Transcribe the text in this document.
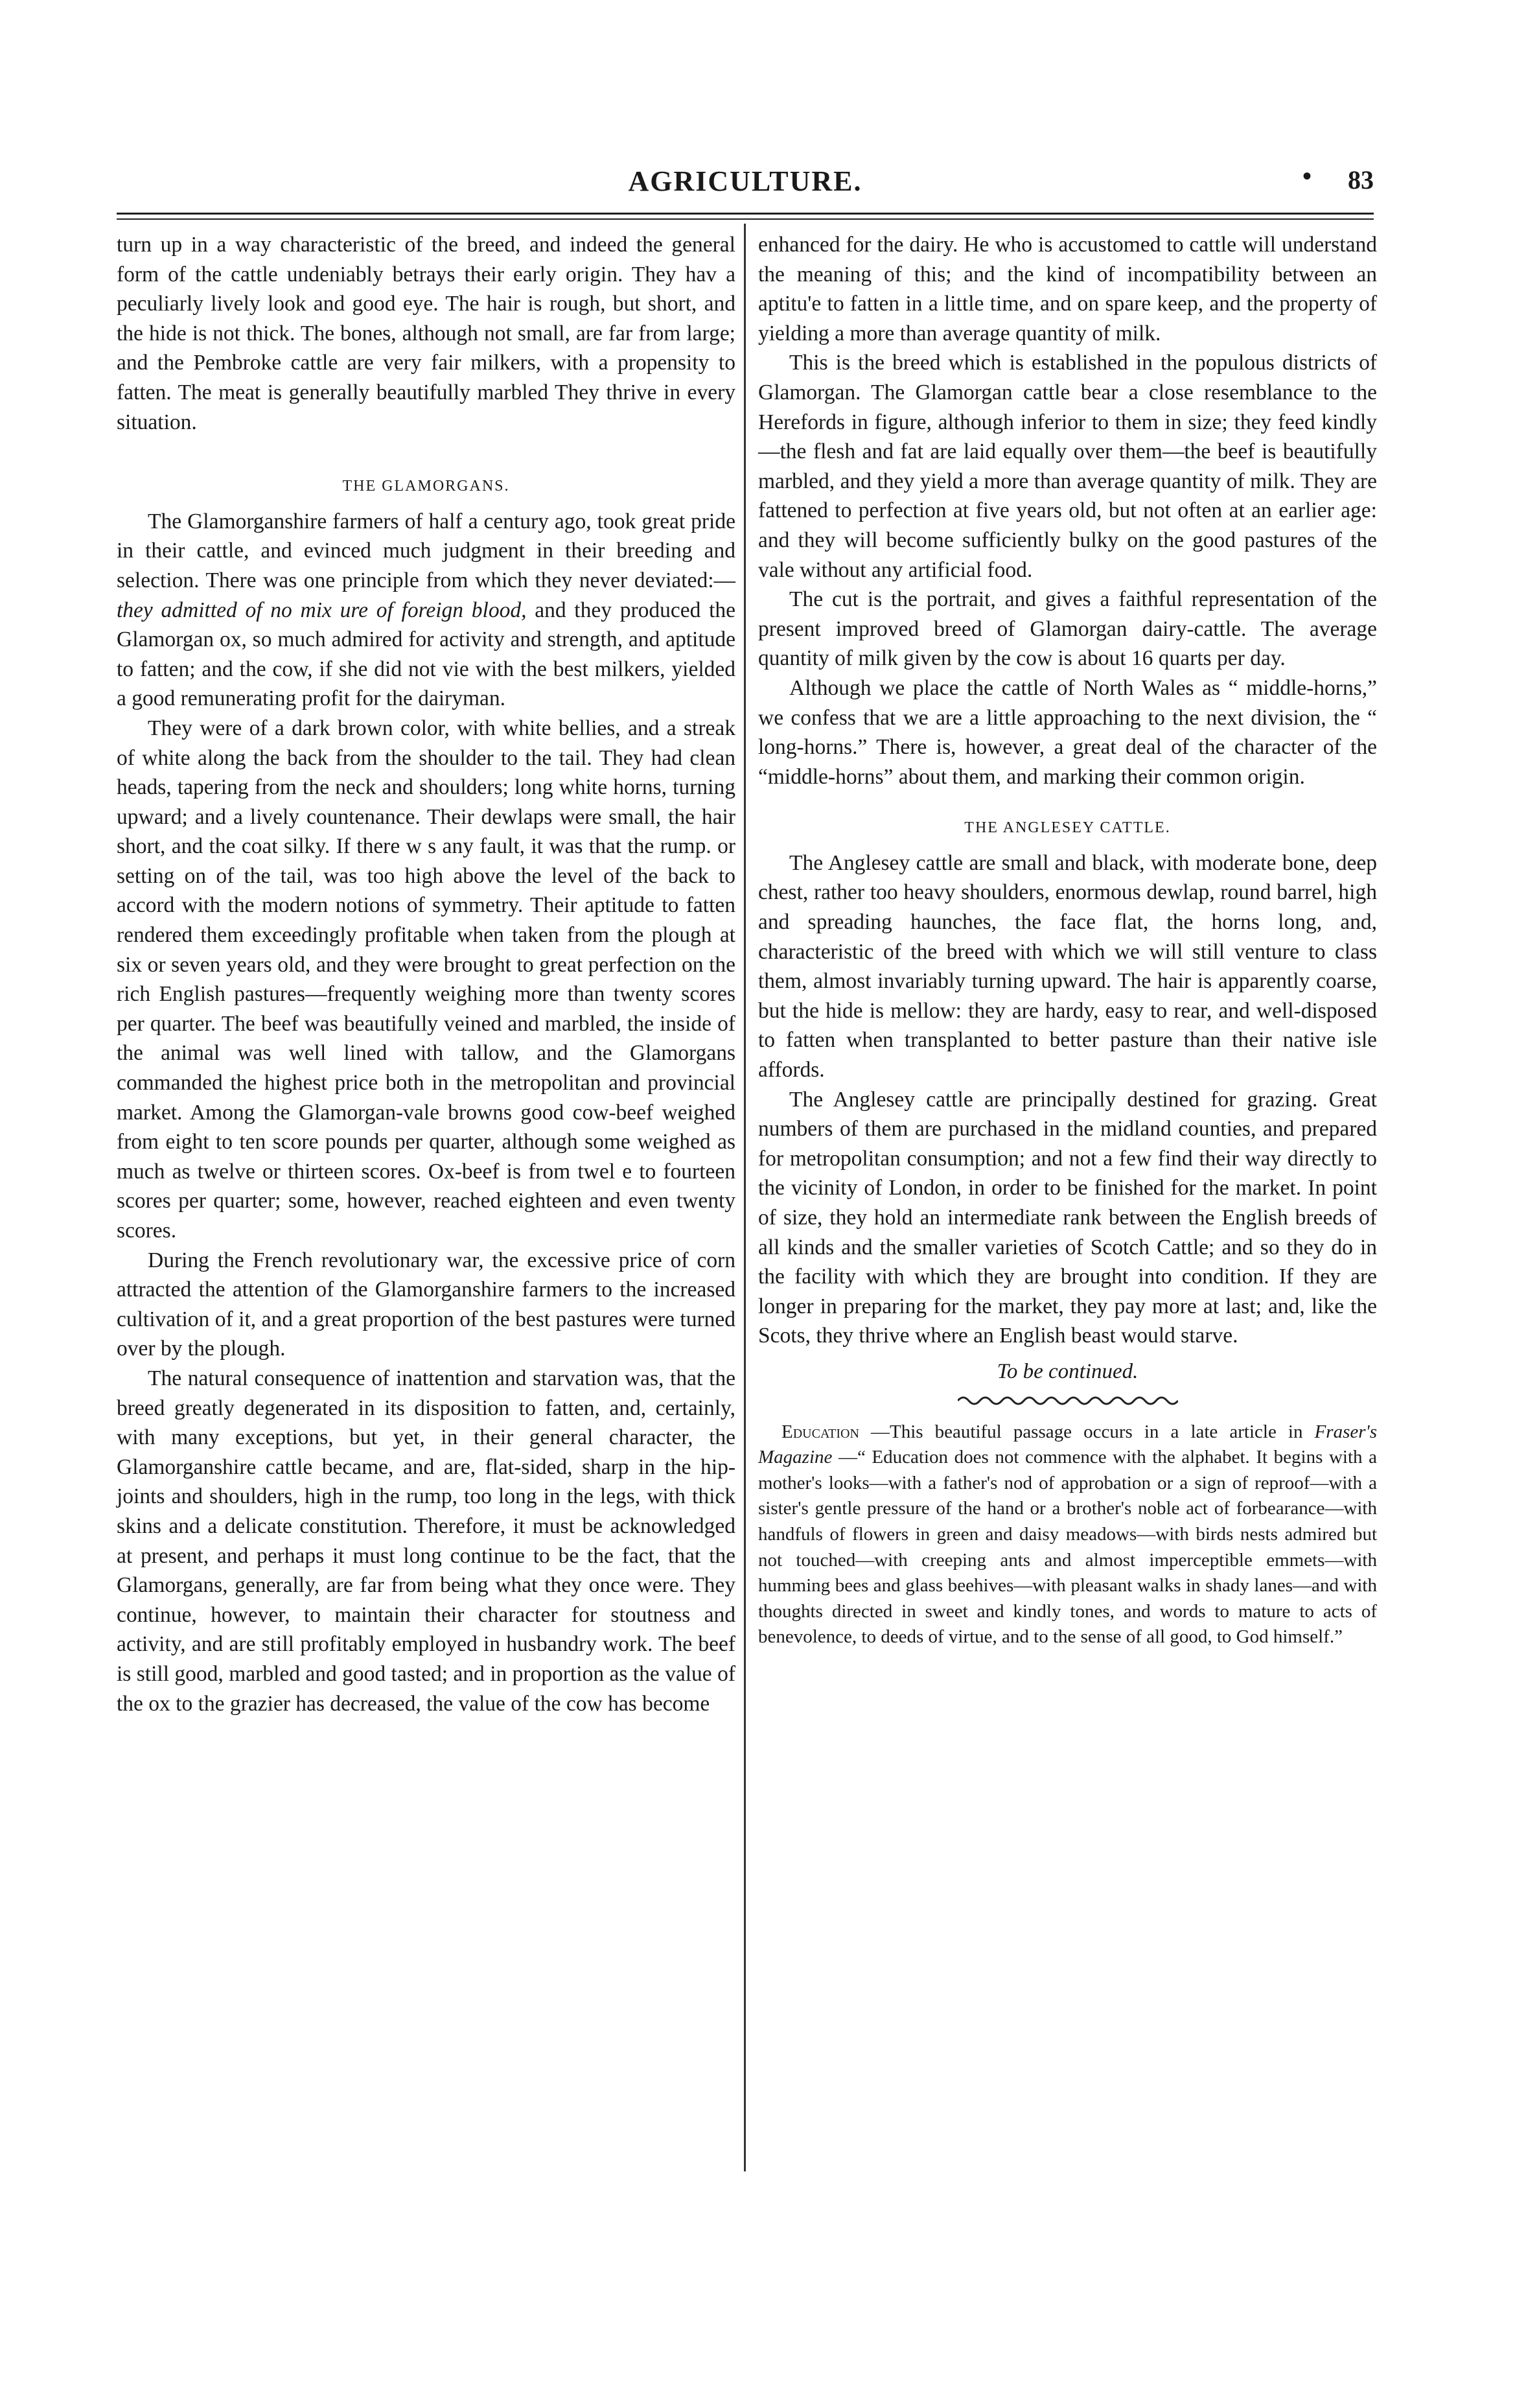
AGRICULTURE.	• 83

turn up in a way characteristic of the breed, and indeed the general form of the cattle undeniably betrays their early origin. They hav a peculiarly lively look and good eye. The hair is rough, but short, and the hide is not thick. The bones, although not small, are far from large; and the Pembroke cattle are very fair milkers, with a propensity to fatten. The meat is generally beautifully marbled They thrive in every situation.

THE GLAMORGANS.

The Glamorganshire farmers of half a century ago, took great pride in their cattle, and evinced much judgment in their breeding and selection. There was one principle from which they never deviated:—they admitted of no mix ure of foreign blood, and they produced the Glamorgan ox, so much admired for activity and strength, and aptitude to fatten; and the cow, if she did not vie with the best milkers, yielded a good remunerating profit for the dairyman.

They were of a dark brown color, with white bellies, and a streak of white along the back from the shoulder to the tail. They had clean heads, tapering from the neck and shoulders; long white horns, turning upward; and a lively countenance. Their dewlaps were small, the hair short, and the coat silky. If there w s any fault, it was that the rump. or setting on of the tail, was too high above the level of the back to accord with the modern notions of symmetry. Their aptitude to fatten rendered them exceedingly profitable when taken from the plough at six or seven years old, and they were brought to great perfection on the rich English pastures—frequently weighing more than twenty scores per quarter. The beef was beautifully veined and marbled, the inside of the animal was well lined with tallow, and the Glamorgans commanded the highest price both in the metropolitan and provincial market. Among the Glamorgan-vale browns good cow-beef weighed from eight to ten score pounds per quarter, although some weighed as much as twelve or thirteen scores. Ox-beef is from twel e to fourteen scores per quarter; some, however, reached eighteen and even twenty scores.

During the French revolutionary war, the excessive price of corn attracted the attention of the Glamorganshire farmers to the increased cultivation of it, and a great proportion of the best pastures were turned over by the plough.

The natural consequence of inattention and starvation was, that the breed greatly degenerated in its disposition to fatten, and, certainly, with many exceptions, but yet, in their general character, the Glamorganshire cattle became, and are, flat-sided, sharp in the hip-joints and shoulders, high in the rump, too long in the legs, with thick skins and a delicate constitution. Therefore, it must be acknowledged at present, and perhaps it must long continue to be the fact, that the Glamorgans, generally, are far from being what they once were. They continue, however, to maintain their character for stoutness and activity, and are still profitably employed in husbandry work. The beef is still good, marbled and good tasted; and in proportion as the value of the ox to the grazier has decreased, the value of the cow has become

enhanced for the dairy. He who is accustomed to cattle will understand the meaning of this; and the kind of incompatibility between an aptitu'e to fatten in a little time, and on spare keep, and the property of yielding a more than average quantity of milk.

This is the breed which is established in the populous districts of Glamorgan. The Glamorgan cattle bear a close resemblance to the Herefords in figure, although inferior to them in size; they feed kindly—the flesh and fat are laid equally over them—the beef is beautifully marbled, and they yield a more than average quantity of milk. They are fattened to perfection at five years old, but not often at an earlier age: and they will become sufficiently bulky on the good pastures of the vale without any artificial food.

The cut is the portrait, and gives a faithful representation of the present improved breed of Glamorgan dairy-cattle. The average quantity of milk given by the cow is about 16 quarts per day.

Although we place the cattle of North Wales as “ middle-horns,” we confess that we are a little approaching to the next division, the “ long-horns.” There is, however, a great deal of the character of the “middle-horns” about them, and marking their common origin.

THE ANGLESEY CATTLE.

The Anglesey cattle are small and black, with moderate bone, deep chest, rather too heavy shoulders, enormous dewlap, round barrel, high and spreading haunches, the face flat, the horns long, and, characteristic of the breed with which we will still venture to class them, almost invariably turning upward. The hair is apparently coarse, but the hide is mellow: they are hardy, easy to rear, and well-disposed to fatten when transplanted to better pasture than their native isle affords.

The Anglesey cattle are principally destined for grazing. Great numbers of them are purchased in the midland counties, and prepared for metropolitan consumption; and not a few find their way directly to the vicinity of London, in order to be finished for the market. In point of size, they hold an intermediate rank between the English breeds of all kinds and the smaller varieties of Scotch Cattle; and so they do in the facility with which they are brought into condition. If they are longer in preparing for the market, they pay more at last; and, like the Scots, they thrive where an English beast would starve.

To be continued.

Education —This beautiful passage occurs in a late article in Fraser's Magazine —“ Education does not commence with the alphabet. It begins with a mother's looks—with a father's nod of approbation or a sign of reproof—with a sister's gentle pressure of the hand or a brother's noble act of forbearance—with handfuls of flowers in green and daisy meadows—with birds nests admired but not touched—with creeping ants and almost imperceptible emmets—with humming bees and glass beehives—with pleasant walks in shady lanes—and with thoughts directed in sweet and kindly tones, and words to mature to acts of benevolence, to deeds of virtue, and to the sense of all good, to God himself.”
